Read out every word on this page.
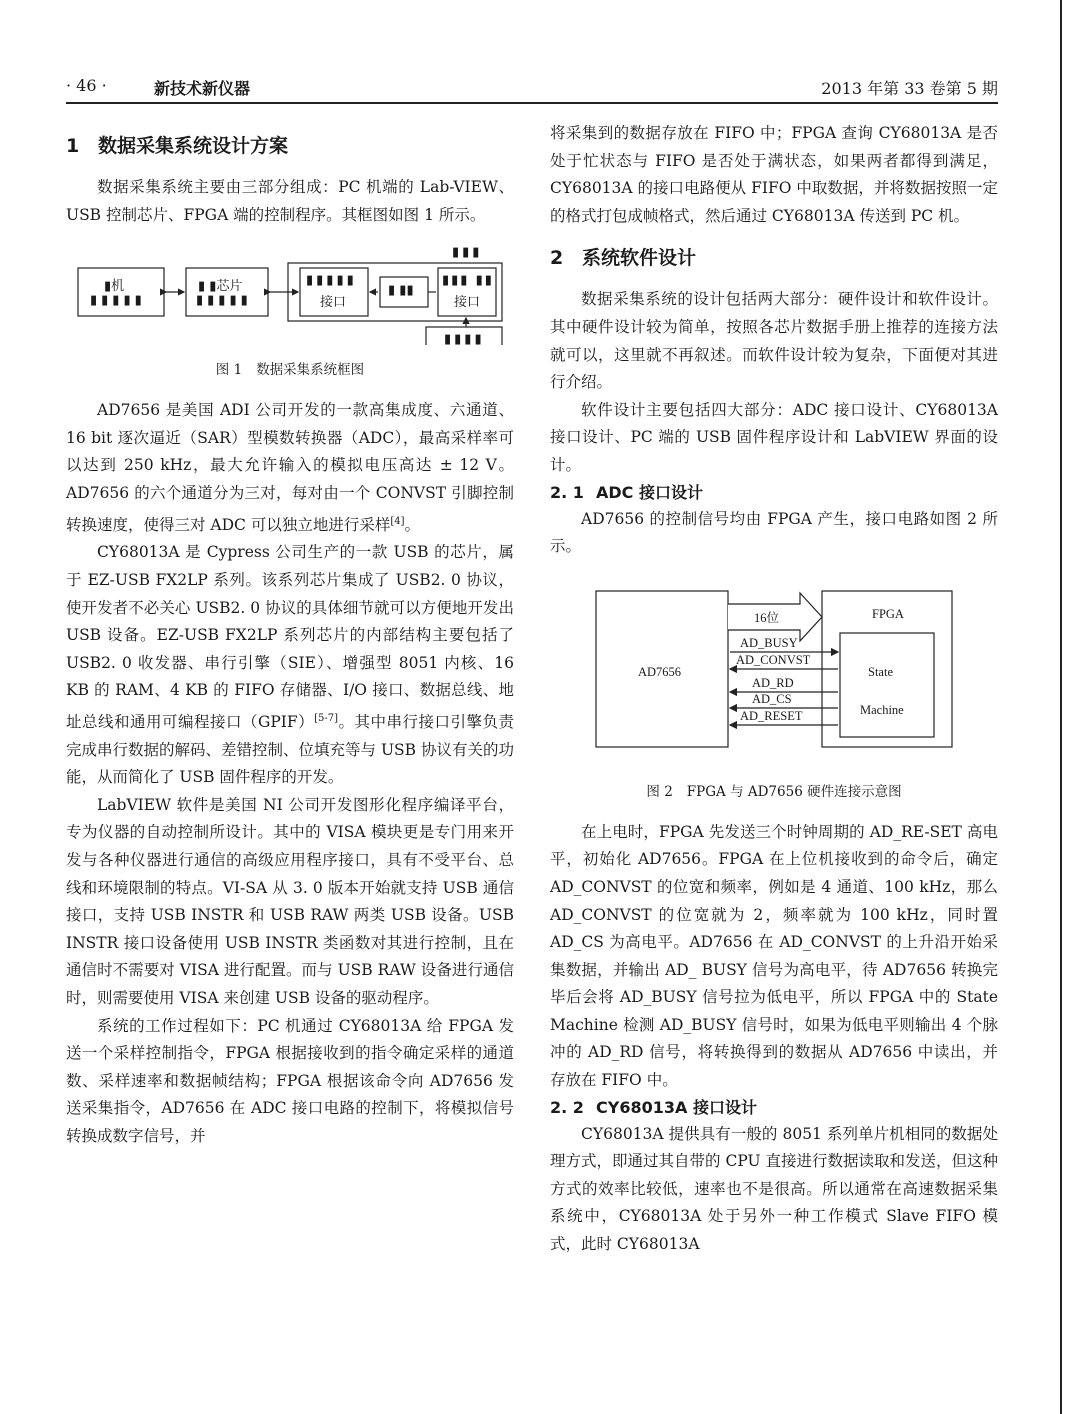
· 46 ·	新技术新仪器	2013 年第 33 卷第 5 期
1 数据采集系统设计方案

数据采集系统主要由三部分组成：PC 机端的 Lab-VIEW、USB 控制芯片、FPGA 端的控制程序。其框图如图 1 所示。

▮机
▮▮▮▮▮
▮ ▮芯片
▮▮▮▮▮
▮▮▮▮▮
接口
▮ ▮▮
▮▮▮ ▮▮
接口
▮▮▮
▮▮▮▮
图 1 数据采集系统框图

AD7656 是美国 ADI 公司开发的一款高集成度、六通道、16 bit 逐次逼近（SAR）型模数转换器（ADC），最高采样率可以达到 250 kHz，最大允许输入的模拟电压高达 ± 12 V。AD7656 的六个通道分为三对，每对由一个 CONVST 引脚控制转换速度，使得三对 ADC 可以独立地进行采样[4]。

CY68013A 是 Cypress 公司生产的一款 USB 的芯片，属于 EZ-USB FX2LP 系列。该系列芯片集成了 USB2. 0 协议，使开发者不必关心 USB2. 0 协议的具体细节就可以方便地开发出 USB 设备。EZ-USB FX2LP 系列芯片的内部结构主要包括了 USB2. 0 收发器、串行引擎（SIE）、增强型 8051 内核、16 KB 的 RAM、4 KB 的 FIFO 存储器、I/O 接口、数据总线、地址总线和通用可编程接口（GPIF）[5-7]。其中串行接口引擎负责完成串行数据的解码、差错控制、位填充等与 USB 协议有关的功能，从而简化了 USB 固件程序的开发。

LabVIEW 软件是美国 NI 公司开发图形化程序编译平台，专为仪器的自动控制所设计。其中的 VISA 模块更是专门用来开发与各种仪器进行通信的高级应用程序接口，具有不受平台、总线和环境限制的特点。VI-SA 从 3. 0 版本开始就支持 USB 通信接口，支持 USB INSTR 和 USB RAW 两类 USB 设备。USB INSTR 接口设备使用 USB INSTR 类函数对其进行控制，且在通信时不需要对 VISA 进行配置。而与 USB RAW 设备进行通信时，则需要使用 VISA 来创建 USB 设备的驱动程序。

系统的工作过程如下：PC 机通过 CY68013A 给 FPGA 发送一个采样控制指令，FPGA 根据接收到的指令确定采样的通道数、采样速率和数据帧结构；FPGA 根据该命令向 AD7656 发送采集指令，AD7656 在 ADC 接口电路的控制下，将模拟信号转换成数字信号，并

将采集到的数据存放在 FIFO 中；FPGA 查询 CY68013A 是否处于忙状态与 FIFO 是否处于满状态，如果两者都得到满足，CY68013A 的接口电路便从 FIFO 中取数据，并将数据按照一定的格式打包成帧格式，然后通过 CY68013A 传送到 PC 机。

2 系统软件设计

数据采集系统的设计包括两大部分：硬件设计和软件设计。其中硬件设计较为简单，按照各芯片数据手册上推荐的连接方法就可以，这里就不再叙述。而软件设计较为复杂，下面便对其进行介绍。

软件设计主要包括四大部分：ADC 接口设计、CY68013A 接口设计、PC 端的 USB 固件程序设计和 LabVIEW 界面的设计。

2. 1 ADC 接口设计

AD7656 的控制信号均由 FPGA 产生，接口电路如图 2 所示。

AD7656
FPGA
16位
State
Machine
AD_BUSY
AD_CONVST
AD_RD
AD_CS
AD_RESET
图 2 FPGA 与 AD7656 硬件连接示意图

在上电时，FPGA 先发送三个时钟周期的 AD_RE-SET 高电平，初始化 AD7656。FPGA 在上位机接收到的命令后，确定 AD_CONVST 的位宽和频率，例如是 4 通道、100 kHz，那么 AD_CONVST 的位宽就为 2，频率就为 100 kHz，同时置 AD_CS 为高电平。AD7656 在 AD_CONVST 的上升沿开始采集数据，并输出 AD_ BUSY 信号为高电平，待 AD7656 转换完毕后会将 AD_BUSY 信号拉为低电平，所以 FPGA 中的 State Machine 检测 AD_BUSY 信号时，如果为低电平则输出 4 个脉冲的 AD_RD 信号，将转换得到的数据从 AD7656 中读出，并存放在 FIFO 中。

2. 2 CY68013A 接口设计

CY68013A 提供具有一般的 8051 系列单片机相同的数据处理方式，即通过其自带的 CPU 直接进行数据读取和发送，但这种方式的效率比较低，速率也不是很高。所以通常在高速数据采集系统中，CY68013A 处于另外一种工作模式 Slave FIFO 模式，此时 CY68013A
